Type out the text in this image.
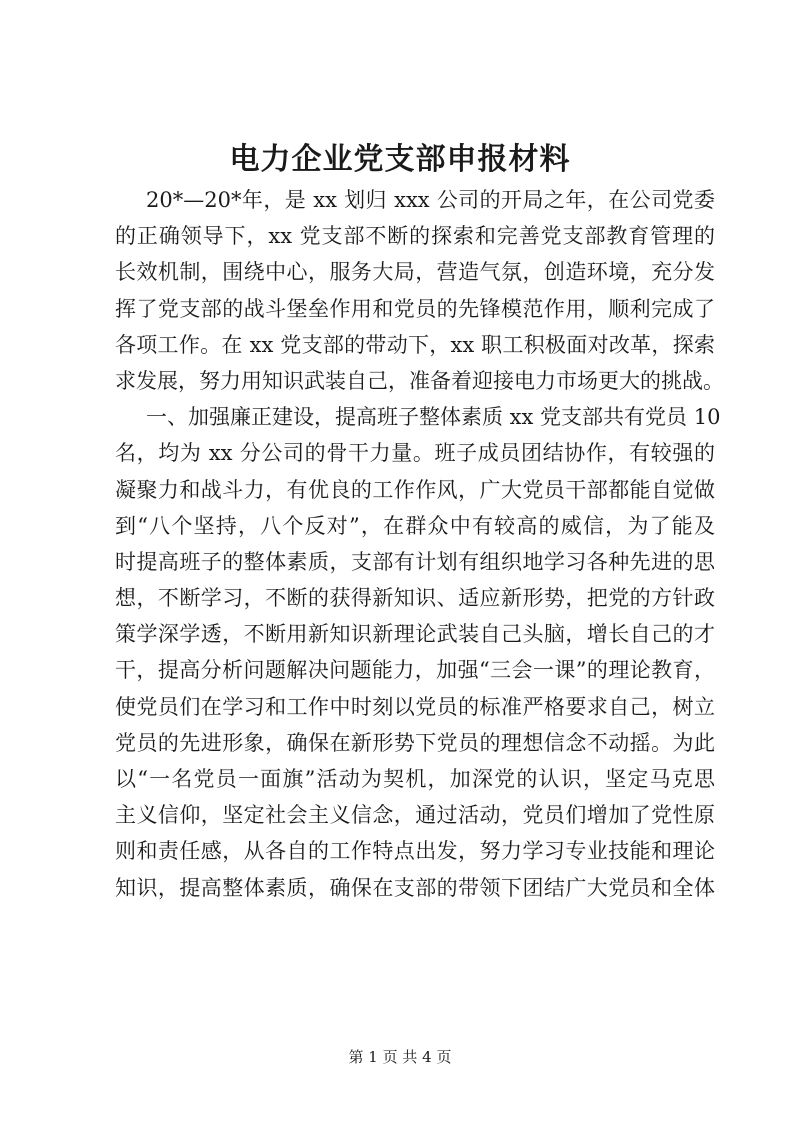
电力企业党支部申报材料
20*—20*年，是 xx 划归 xxx 公司的开局之年，在公司党委
的正确领导下，xx 党支部不断的探索和完善党支部教育管理的
长效机制，围绕中心，服务大局，营造气氛，创造环境，充分发
挥了党支部的战斗堡垒作用和党员的先锋模范作用，顺利完成了
各项工作。在 xx 党支部的带动下，xx 职工积极面对改革，探索
求发展，努力用知识武装自己，准备着迎接电力市场更大的挑战。
一、加强廉正建设，提高班子整体素质 xx 党支部共有党员 10
名，均为 xx 分公司的骨干力量。班子成员团结协作，有较强的
凝聚力和战斗力，有优良的工作作风，广大党员干部都能自觉做
到“八个坚持，八个反对”，在群众中有较高的威信，为了能及
时提高班子的整体素质，支部有计划有组织地学习各种先进的思
想，不断学习，不断的获得新知识、适应新形势，把党的方针政
策学深学透，不断用新知识新理论武装自己头脑，增长自己的才
干，提高分析问题解决问题能力，加强“三会一课”的理论教育，
使党员们在学习和工作中时刻以党员的标准严格要求自己，树立
党员的先进形象，确保在新形势下党员的理想信念不动摇。为此
以“一名党员一面旗”活动为契机，加深党的认识，坚定马克思
主义信仰，坚定社会主义信念，通过活动，党员们增加了党性原
则和责任感，从各自的工作特点出发，努力学习专业技能和理论
知识，提高整体素质，确保在支部的带领下团结广大党员和全体
第 1 页 共 4 页
